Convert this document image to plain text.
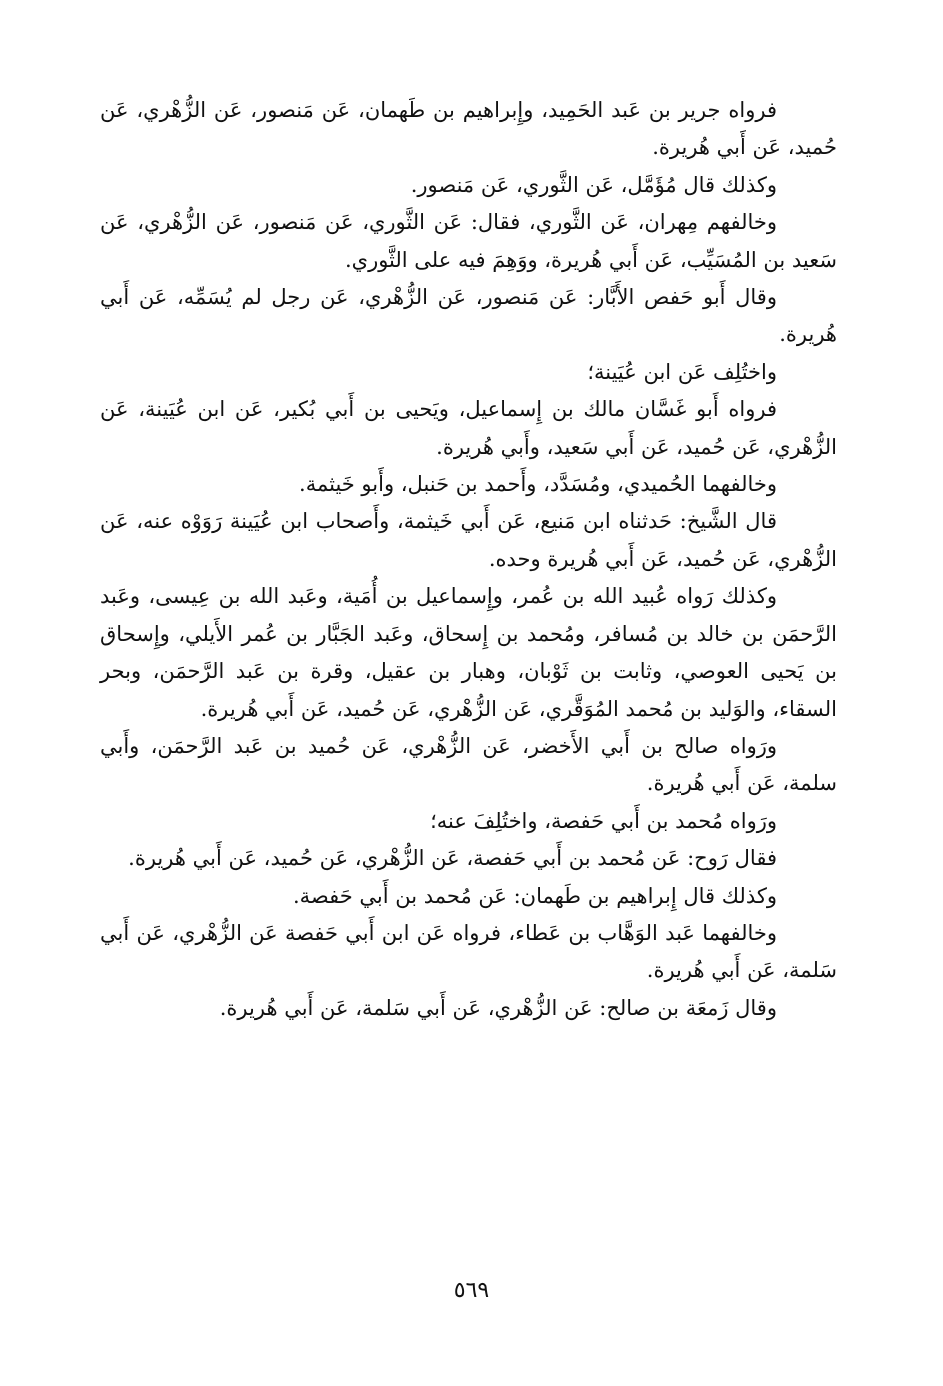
فرواه جرير بن عَبد الحَمِيد، وإِبراهيم بن طَهمان، عَن مَنصور، عَن الزُّهْري، عَن حُميد، عَن أَبي هُريرة.

وكذلك قال مُؤَمَّل، عَن الثَّوري، عَن مَنصور.

وخالفهم مِهران، عَن الثَّوري، فقال: عَن الثَّوري، عَن مَنصور، عَن الزُّهْري، عَن سَعيد بن المُسَيِّب، عَن أَبي هُريرة، ووَهِمَ فيه على الثَّوري.

وقال أَبو حَفص الأَبَّار: عَن مَنصور، عَن الزُّهْري، عَن رجل لم يُسَمِّه، عَن أَبي هُريرة.

واختُلِف عَن ابن عُيَينة؛

فرواه أَبو غَسَّان مالك بن إِسماعيل، ويَحيى بن أَبي بُكير، عَن ابن عُيَينة، عَن الزُّهْري، عَن حُميد، عَن أَبي سَعيد، وأَبي هُريرة.

وخالفهما الحُميدي، ومُسَدَّد، وأَحمد بن حَنبل، وأَبو خَيثمة.

قال الشَّيخ: حَدثناه ابن مَنيع، عَن أَبي خَيثمة، وأَصحاب ابن عُيَينة رَوَوْه عنه، عَن الزُّهْري، عَن حُميد، عَن أَبي هُريرة وحده.

وكذلك رَواه عُبيد الله بن عُمر، وإِسماعيل بن أُمَية، وعَبد الله بن عِيسى، وعَبد الرَّحمَن بن خالد بن مُسافر، ومُحمد بن إِسحاق، وعَبد الجَبَّار بن عُمر الأَيلي، وإِسحاق بن يَحيى العوصي، وثابت بن ثَوْبان، وهبار بن عقيل، وقرة بن عَبد الرَّحمَن، وبحر السقاء، والوَليد بن مُحمد المُوَقَّري، عَن الزُّهْري، عَن حُميد، عَن أَبي هُريرة.

ورَواه صالح بن أَبي الأَخضر، عَن الزُّهْري، عَن حُميد بن عَبد الرَّحمَن، وأَبي سلمة، عَن أَبي هُريرة.

ورَواه مُحمد بن أَبي حَفصة، واختُلِفَ عنه؛

فقال رَوح: عَن مُحمد بن أَبي حَفصة، عَن الزُّهْري، عَن حُميد، عَن أَبي هُريرة.

وكذلك قال إِبراهيم بن طَهمان: عَن مُحمد بن أَبي حَفصة.

وخالفهما عَبد الوَهَّاب بن عَطاء، فرواه عَن ابن أَبي حَفصة عَن الزُّهْري، عَن أَبي سَلمة، عَن أَبي هُريرة.

وقال زَمعَة بن صالح: عَن الزُّهْري، عَن أَبي سَلمة، عَن أَبي هُريرة.

٥٦٩
